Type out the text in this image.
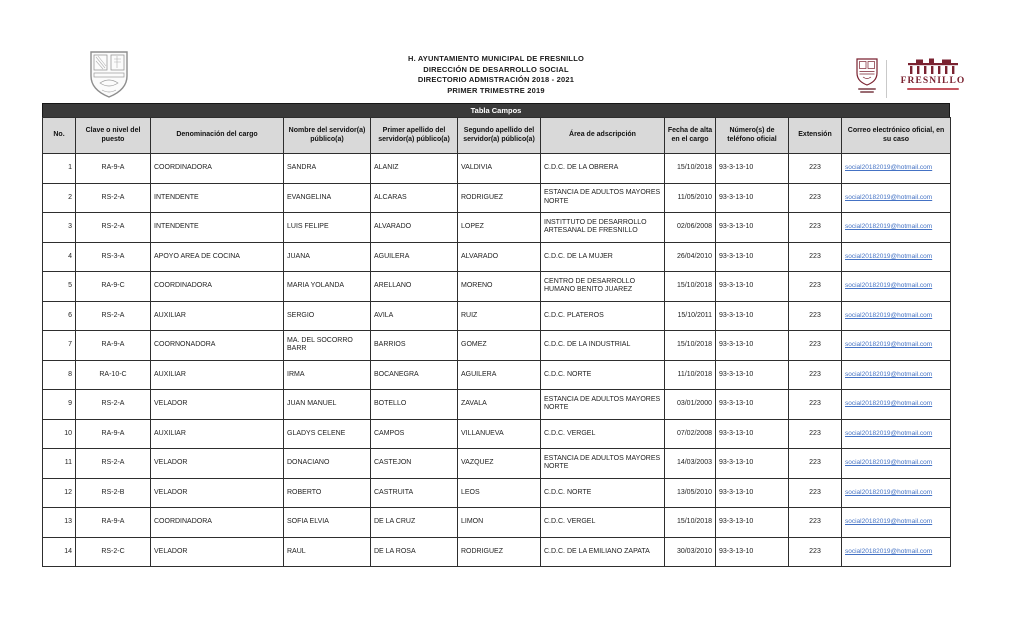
H. AYUNTAMIENTO MUNICIPAL DE FRESNILLO
DIRECCIÓN DE DESARROLLO SOCIAL
DIRECTORIO ADMISTRACIÓN 2018 - 2021
PRIMER TRIMESTRE 2019
FRESNILLO
Tabla Campos
No.	Clave o nivel del puesto	Denominación del cargo	Nombre del servidor(a) público(a)	Primer apellido del servidor(a) público(a)	Segundo apellido del servidor(a) público(a)	Área de adscripción	Fecha de alta en el cargo	Número(s) de teléfono oficial	Extensión	Correo electrónico oficial, en su caso
1	RA-9-A	COORDINADORA	SANDRA	ALANIZ	VALDIVIA	C.D.C. DE LA OBRERA	15/10/2018	93-3-13-10	223	social20182019@hotmail.com
2	RS-2-A	INTENDENTE	EVANGELINA	ALCARAS	RODRIGUEZ	ESTANCIA DE ADULTOS MAYORES NORTE	11/05/2010	93-3-13-10	223	social20182019@hotmail.com
3	RS-2-A	INTENDENTE	LUIS FELIPE	ALVARADO	LOPEZ	INSTITTUTO DE DESARROLLO ARTESANAL DE FRESNILLO	02/06/2008	93-3-13-10	223	social20182019@hotmail.com
4	RS-3-A	APOYO AREA DE COCINA	JUANA	AGUILERA	ALVARADO	C.D.C. DE LA MUJER	26/04/2010	93-3-13-10	223	social20182019@hotmail.com
5	RA-9-C	COORDINADORA	MARIA YOLANDA	ARELLANO	MORENO	CENTRO DE DESARROLLO HUMANO BENITO JUAREZ	15/10/2018	93-3-13-10	223	social20182019@hotmail.com
6	RS-2-A	AUXILIAR	SERGIO	AVILA	RUIZ	C.D.C. PLATEROS	15/10/2011	93-3-13-10	223	social20182019@hotmail.com
7	RA-9-A	COORNONADORA	MA. DEL SOCORRO BARR	BARRIOS	GOMEZ	C.D.C. DE LA INDUSTRIAL	15/10/2018	93-3-13-10	223	social20182019@hotmail.com
8	RA-10-C	AUXILIAR	IRMA	BOCANEGRA	AGUILERA	C.D.C. NORTE	11/10/2018	93-3-13-10	223	social20182019@hotmail.com
9	RS-2-A	VELADOR	JUAN MANUEL	BOTELLO	ZAVALA	ESTANCIA DE ADULTOS MAYORES NORTE	03/01/2000	93-3-13-10	223	social20182019@hotmail.com
10	RA-9-A	AUXILIAR	GLADYS CELENE	CAMPOS	VILLANUEVA	C.D.C. VERGEL	07/02/2008	93-3-13-10	223	social20182019@hotmail.com
11	RS-2-A	VELADOR	DONACIANO	CASTEJON	VAZQUEZ	ESTANCIA DE ADULTOS MAYORES NORTE	14/03/2003	93-3-13-10	223	social20182019@hotmail.com
12	RS-2-B	VELADOR	ROBERTO	CASTRUITA	LEOS	C.D.C. NORTE	13/05/2010	93-3-13-10	223	social20182019@hotmail.com
13	RA-9-A	COORDINADORA	SOFIA ELVIA	DE LA CRUZ	LIMON	C.D.C. VERGEL	15/10/2018	93-3-13-10	223	social20182019@hotmail.com
14	RS-2-C	VELADOR	RAUL	DE LA ROSA	RODRIGUEZ	C.D.C. DE LA EMILIANO ZAPATA	30/03/2010	93-3-13-10	223	social20182019@hotmail.com
